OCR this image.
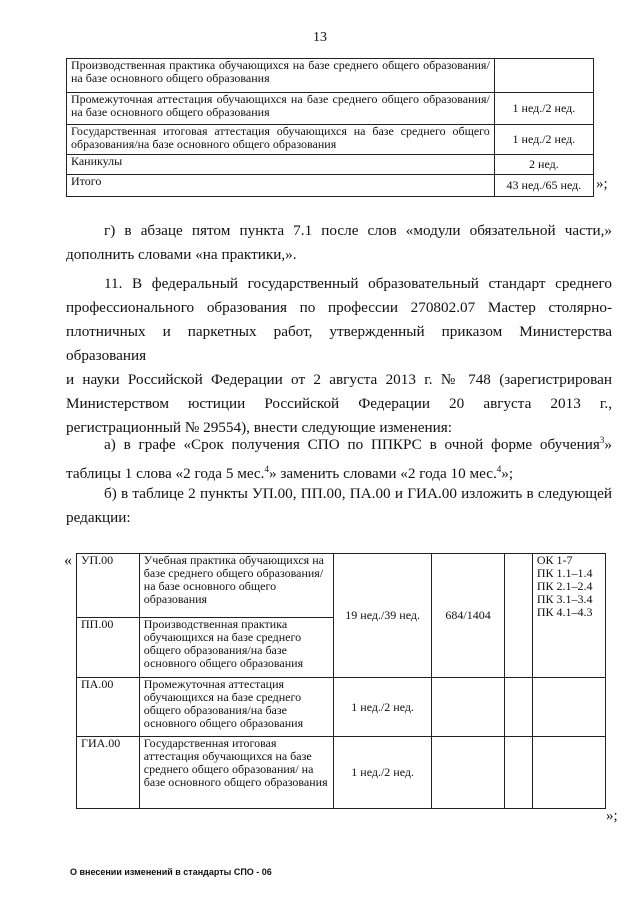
13
Производственная практика обучающихся на базе среднего общего образования/на базе основного общего образования	
Промежуточная аттестация обучающихся на базе среднего общего образования/на базе основного общего образования	1 нед./2 нед.
Государственная итоговая аттестация обучающихся на базе среднего общего образования/на базе основного общего образования	1 нед./2 нед.
Каникулы	2 нед.
Итого	43 нед./65 нед. »;
г) в абзаце пятом пункта 7.1 после слов «модули обязательной части,» дополнить словами «на практики,».
11. В федеральный государственный образовательный стандарт среднего
профессионального образования по профессии 270802.07 Мастер столярно-
плотничных и паркетных работ, утвержденный приказом Министерства образования
и науки Российской Федерации от 2 августа 2013 г. № 748 (зарегистрирован
Министерством юстиции Российской Федерации 20 августа 2013 г.,
регистрационный № 29554), внести следующие изменения:
а) в графе «Срок получения СПО по ППКРС в очной форме обучения$^3$» таблицы 1 слова «2 года 5 мес.$^4$» заменить словами «2 года 10 мес.$^4$»;
б) в таблице 2 пункты УП.00, ПП.00, ПА.00 и ГИА.00 изложить в следующей редакции:
« УП.00	Учебная практика обучающихся на базе среднего общего образования/на базе основного общего образования	19 нед./39 нед.	684/1404		ОК 1-7
ПК 1.1–1.4
ПК 2.1–2.4
ПК 3.1–3.4
ПК 4.1–4.3

ПП.00	Производственная практика обучающихся на базе среднего общего образования/на базе основного общего образования				
ПА.00	Промежуточная аттестация обучающихся на базе среднего общего образования/на базе основного общего образования	1 нед./2 нед.			
ГИА.00	Государственная итоговая аттестация обучающихся на базе среднего общего образования/ на базе основного общего образования	1 нед./2 нед.			
»;
О внесении изменений в стандарты СПО - 06
